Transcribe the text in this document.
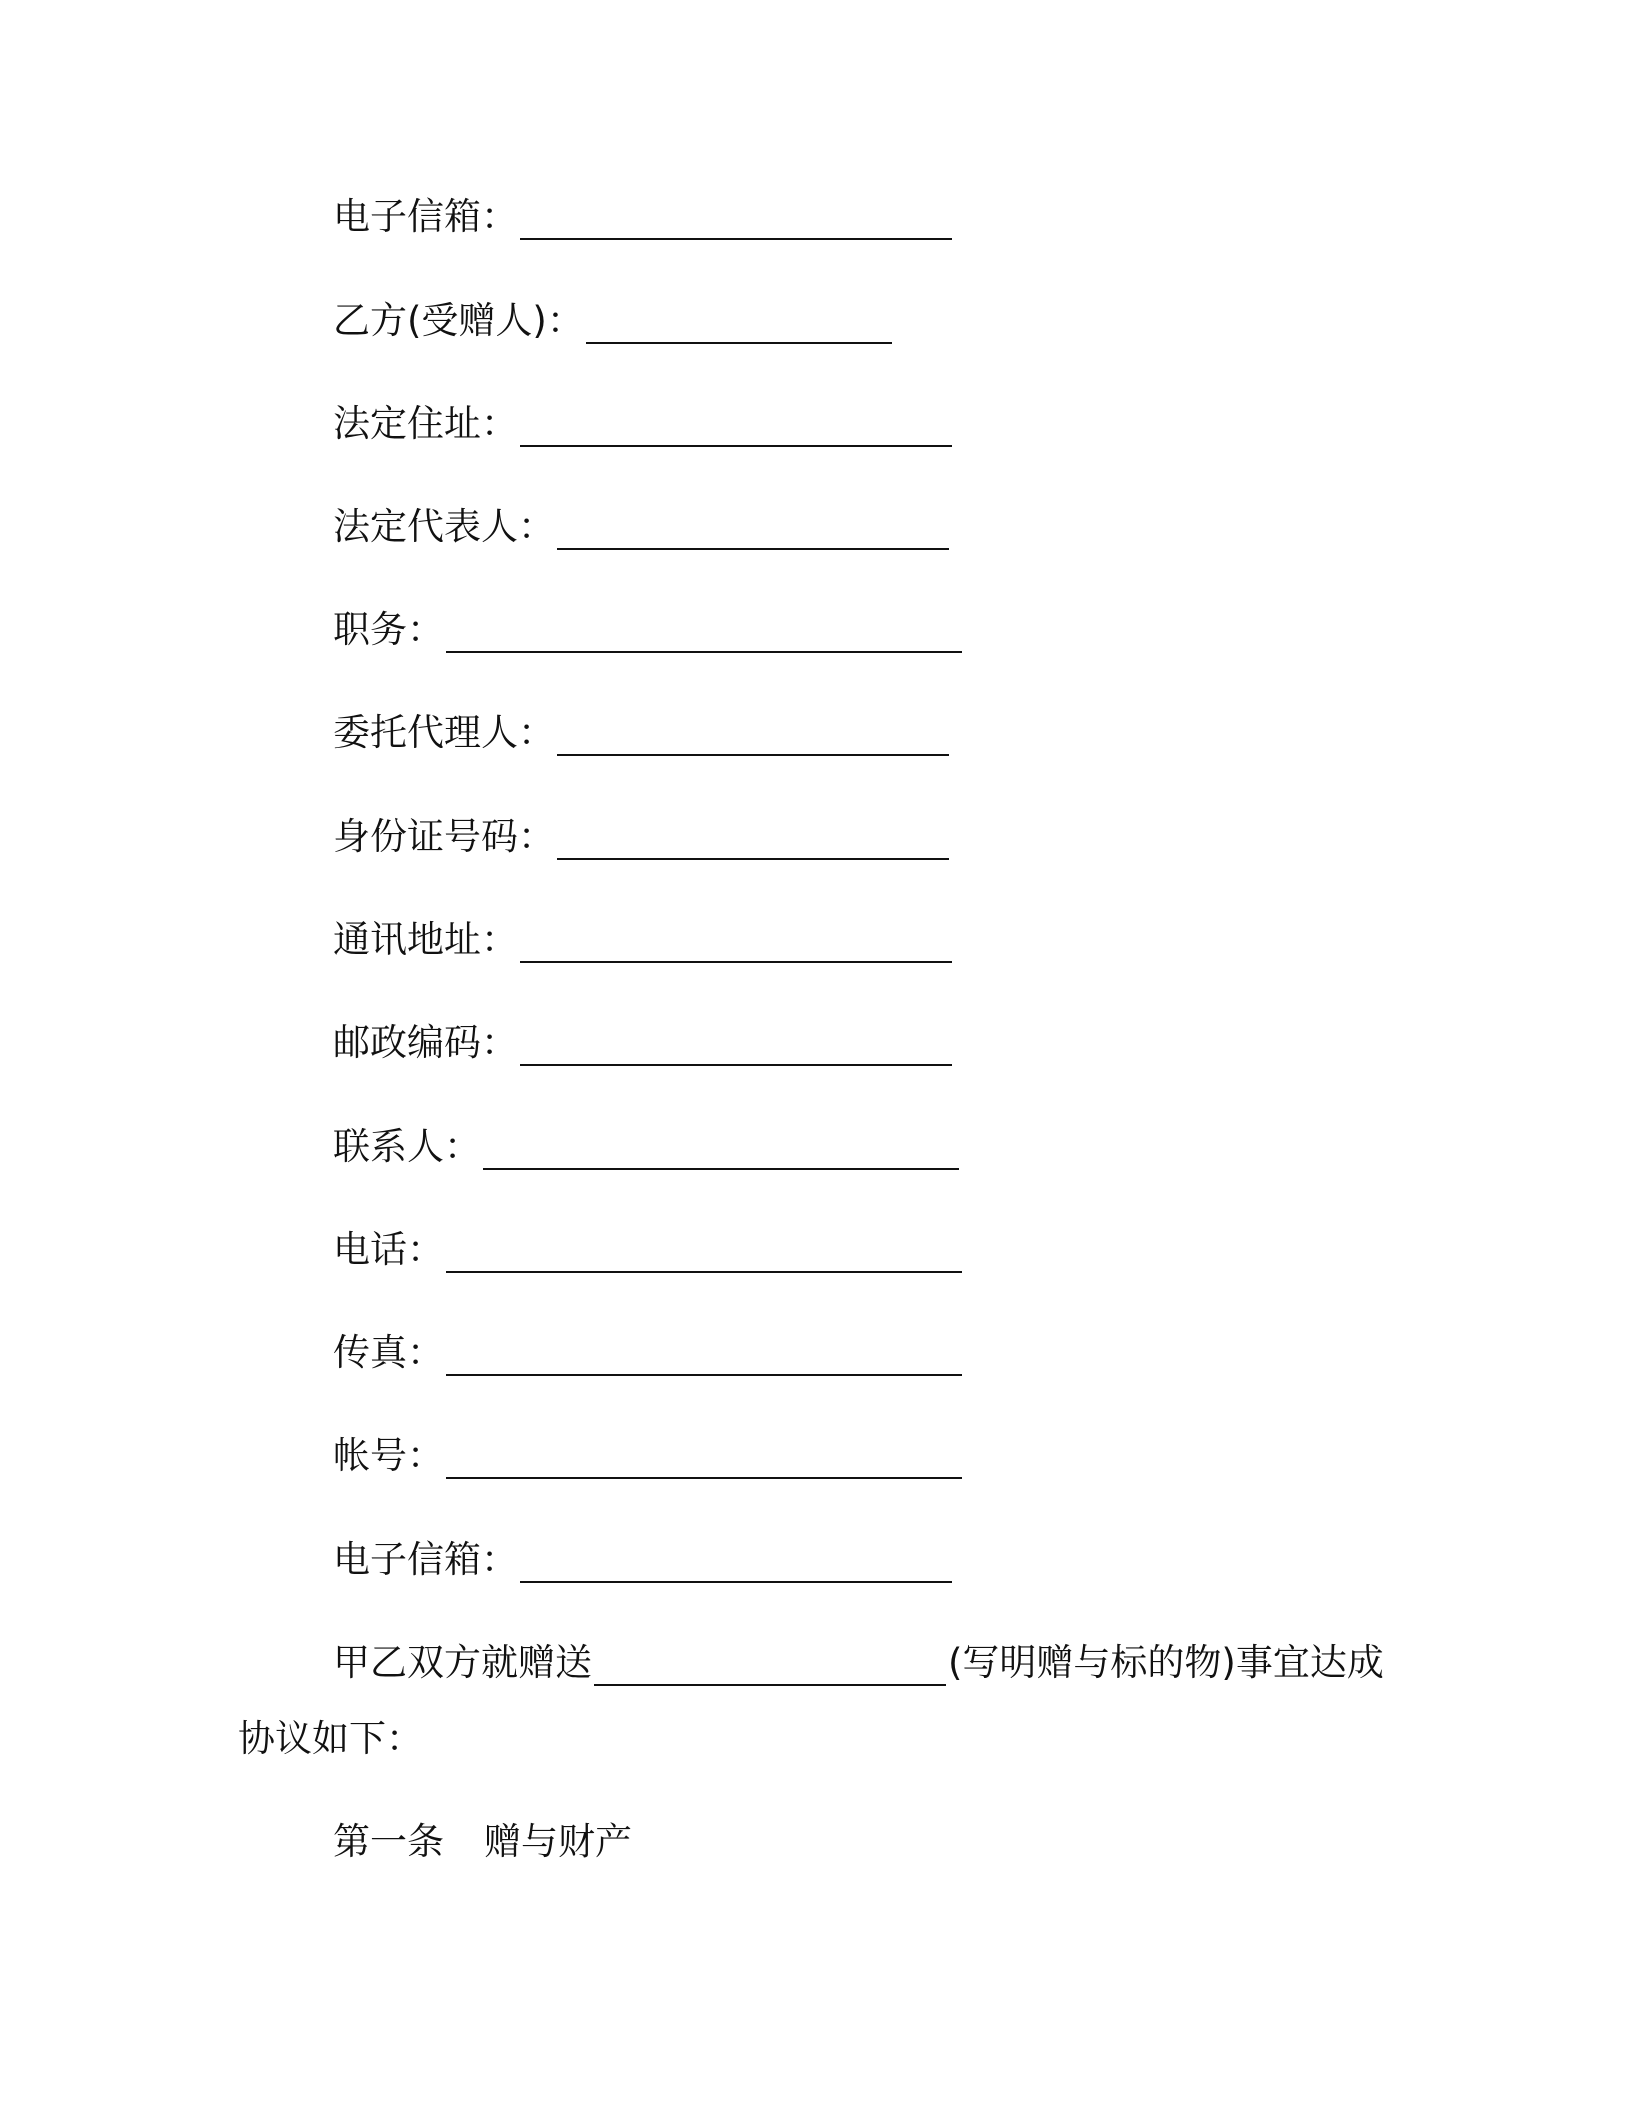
电子信箱：
乙方(受赠人)：
法定住址：
法定代表人：
职务：
委托代理人：
身份证号码：
通讯地址：
邮政编码：
联系人：
电话：
传真：
帐号：
电子信箱：
甲乙双方就赠送	(写明赠与标的物)事宜达成
协议如下：
第一条 赠与财产
